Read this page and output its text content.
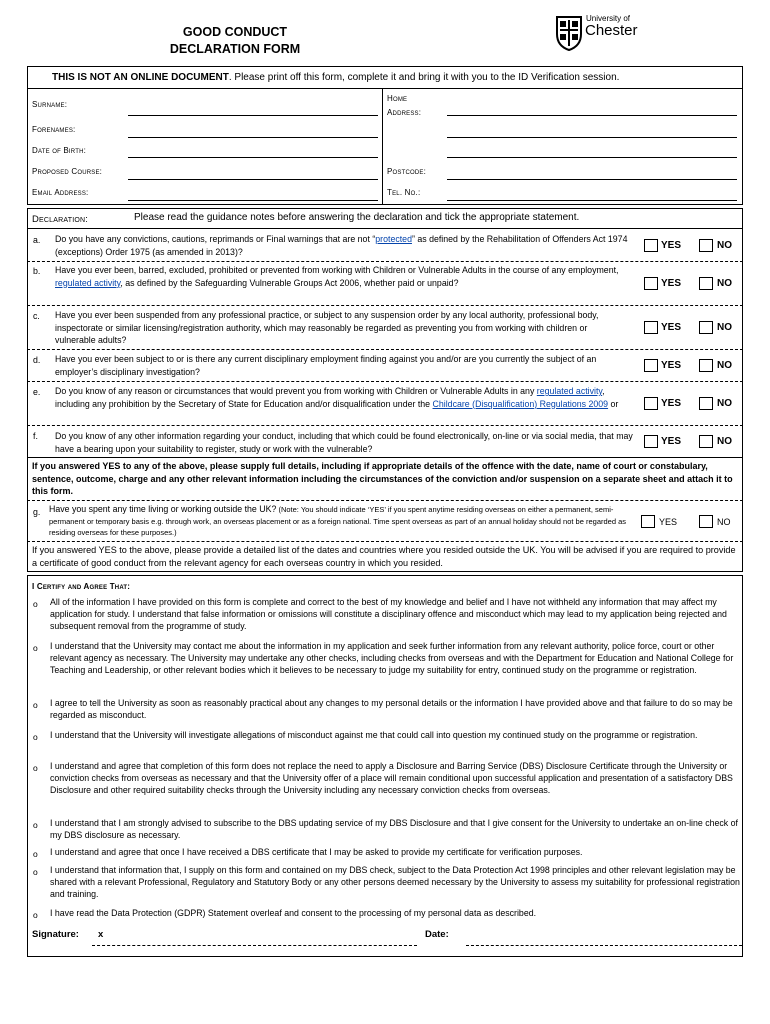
GOOD CONDUCT
DECLARATION FORM
University of
Chester
THIS IS NOT AN ONLINE DOCUMENT. Please print off this form, complete it and bring it with you to the ID Verification session.
Surname:
Home
Address:
Forenames:
Date of Birth:
Proposed Course:	Postcode:
Email Address:	Tel. No.:
Declaration:	Please read the guidance notes before answering the declaration and tick the appropriate statement.
a. Do you have any convictions, cautions, reprimands or Final warnings that are not “protected” as defined by the Rehabilitation of Offenders Act 1974 (exceptions) Order 1975 (as amended in 2013)?
YES	NO
b. Have you ever been, barred, excluded, prohibited or prevented from working with Children or Vulnerable Adults in the course of any employment, regulated activity, as defined by the Safeguarding Vulnerable Groups Act 2006, whether paid or unpaid?	YES	NO
c. Have you ever been suspended from any professional practice, or subject to any suspension order by any local authority, professional body, inspectorate or similar licensing/registration authority, which may reasonably be regarded as preventing you from working with children or vulnerable adults?
YES	NO
d. Have you ever been subject to or is there any current disciplinary employment finding against you and/or are you currently the subject of an employer’s disciplinary investigation?
YES	NO
e. Do you know of any reason or circumstances that would prevent you from working with Children or Vulnerable Adults in any regulated activity, including any prohibition by the Secretary of State for Education and/or disqualification under the Childcare (Disqualification) Regulations 2009 or	YES	NO
f. Do you know of any other information regarding your conduct, including that which could be found electronically, on-line or via social media, that may have a bearing upon your suitability to register, study or work with the vulnerable?
YES	NO
If you answered YES to any of the above, please supply full details, including if appropriate details of the offence with the date, name of court or constabulary, sentence, outcome, charge and any other relevant information including the circumstances of the conviction and/or suspension on a separate sheet and attach it to this form.
g. Have you spent any time living or working outside the UK? (Note: You should indicate ‘YES’ if you spent anytime residing overseas on either a permanent, semi-permanent or temporary basis e.g. through work, an overseas placement or as a foreign national. Time spent overseas as part of an annual holiday should not be regarded as residing overseas for these purposes.)
YES	NO
If you answered YES to the above, please provide a detailed list of the dates and countries where you resided outside the UK. You will be advised if you are required to provide a certificate of good conduct from the relevant agency for each overseas country in which you resided.
I Certify and Agree That:
o All of the information I have provided on this form is complete and correct to the best of my knowledge and belief and I have not withheld any information that may affect my application for study. I understand that false information or omissions will constitute a disciplinary offence and misconduct which may lead to my application being rejected and subsequent removal from the programme of study.
o I understand that the University may contact me about the information in my application and seek further information from any relevant authority, police force, court or other relevant agency as necessary. The University may undertake any other checks, including checks from overseas and with the Department for Education and National College for Teaching and Leadership, or other relevant bodies which it believes to be necessary to judge my suitability for entry, continued study on the programme or registration.
o I agree to tell the University as soon as reasonably practical about any changes to my personal details or the information I have provided above and that failure to do so may be regarded as misconduct.
o I understand that the University will investigate allegations of misconduct against me that could call into question my continued study on the programme or registration.
o I understand and agree that completion of this form does not replace the need to apply a Disclosure and Barring Service (DBS) Disclosure Certificate through the University or conviction checks from overseas as necessary and that the University offer of a place will remain conditional upon successful application and presentation of a satisfactory DBS Disclosure and other required suitability checks through the University including any necessary conviction checks from overseas.
o I understand that I am strongly advised to subscribe to the DBS updating service of my DBS Disclosure and that I give consent for the University to undertake an on-line check of my DBS disclosure as necessary.
o I understand and agree that once I have received a DBS certificate that I may be asked to provide my certificate for verification purposes.
o I understand that information that, I supply on this form and contained on my DBS check, subject to the Data Protection Act 1998 principles and other relevant legislation may be shared with a relevant Professional, Regulatory and Statutory Body or any other persons deemed necessary by the University to assess my suitability for professional registration and training.
o I have read the Data Protection (GDPR) Statement overleaf and consent to the processing of my personal data as described.
Signature: x	Date:
